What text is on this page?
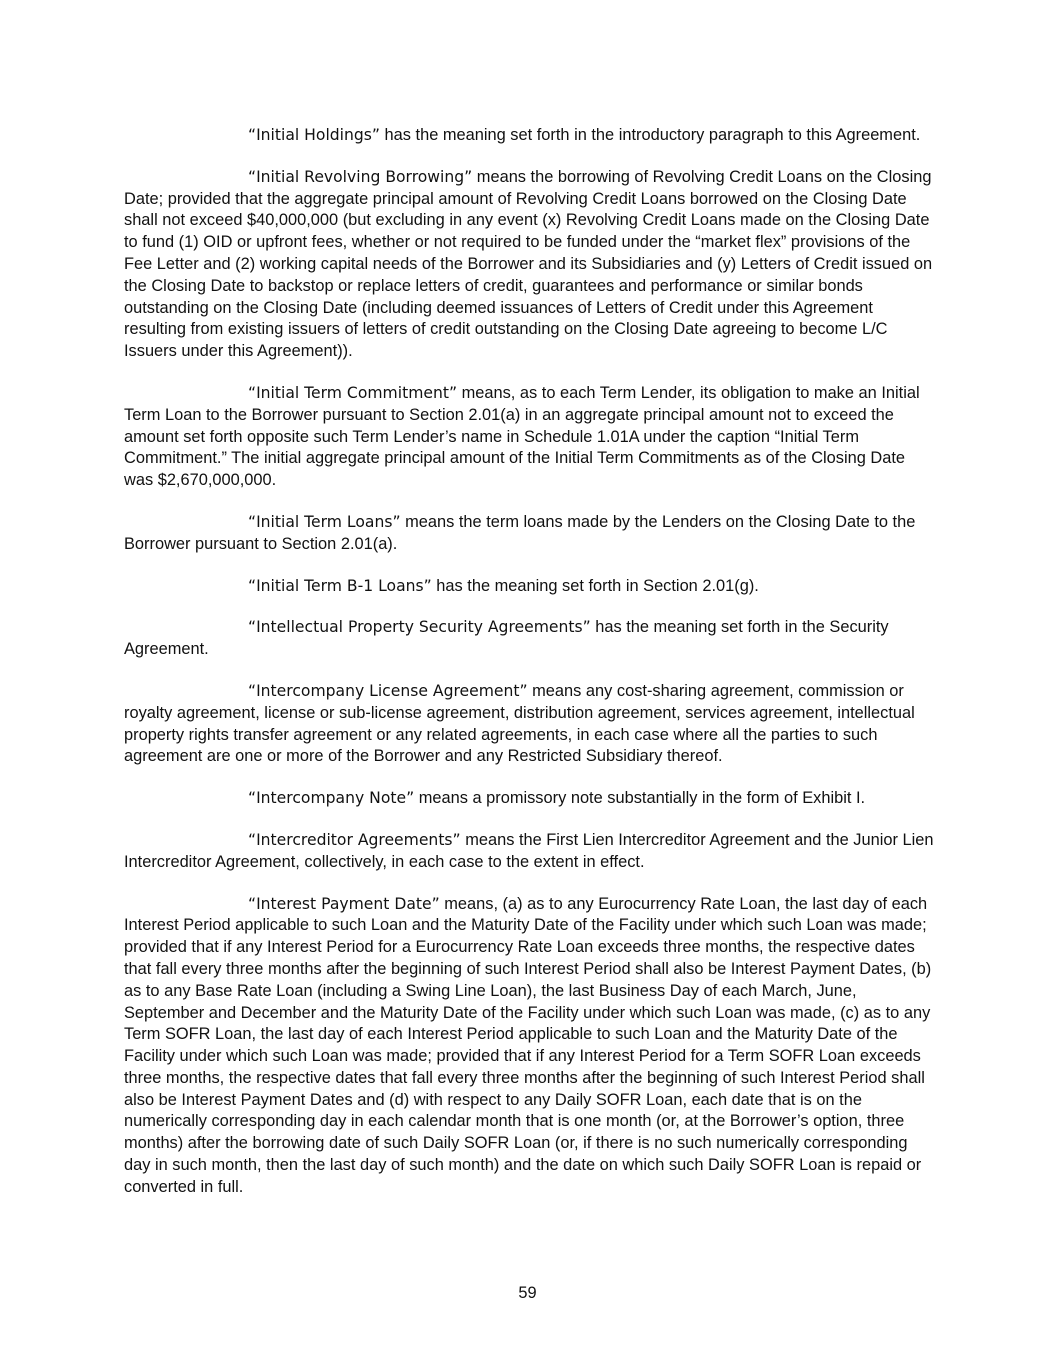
“Initial Holdings” has the meaning set forth in the introductory paragraph to this Agreement.

“Initial Revolving Borrowing” means the borrowing of Revolving Credit Loans on the Closing Date; provided that the aggregate principal amount of Revolving Credit Loans borrowed on the Closing Date shall not exceed $40,000,000 (but excluding in any event (x) Revolving Credit Loans made on the Closing Date to fund (1) OID or upfront fees, whether or not required to be funded under the “market flex” provisions of the Fee Letter and (2) working capital needs of the Borrower and its Subsidiaries and (y) Letters of Credit issued on the Closing Date to backstop or replace letters of credit, guarantees and performance or similar bonds outstanding on the Closing Date (including deemed issuances of Letters of Credit under this Agreement resulting from existing issuers of letters of credit outstanding on the Closing Date agreeing to become L/C Issuers under this Agreement)).

“Initial Term Commitment” means, as to each Term Lender, its obligation to make an Initial Term Loan to the Borrower pursuant to Section 2.01(a) in an aggregate principal amount not to exceed the amount set forth opposite such Term Lender’s name in Schedule 1.01A under the caption “Initial Term Commitment.” The initial aggregate principal amount of the Initial Term Commitments as of the Closing Date was $2,670,000,000.

“Initial Term Loans” means the term loans made by the Lenders on the Closing Date to the Borrower pursuant to Section 2.01(a).

“Initial Term B-1 Loans” has the meaning set forth in Section 2.01(g).

“Intellectual Property Security Agreements” has the meaning set forth in the Security Agreement.

“Intercompany License Agreement” means any cost-sharing agreement, commission or royalty agreement, license or sub-license agreement, distribution agreement, services agreement, intellectual property rights transfer agreement or any related agreements, in each case where all the parties to such agreement are one or more of the Borrower and any Restricted Subsidiary thereof.

“Intercompany Note” means a promissory note substantially in the form of Exhibit I.

“Intercreditor Agreements” means the First Lien Intercreditor Agreement and the Junior Lien Intercreditor Agreement, collectively, in each case to the extent in effect.

“Interest Payment Date” means, (a) as to any Eurocurrency Rate Loan, the last day of each Interest Period applicable to such Loan and the Maturity Date of the Facility under which such Loan was made; provided that if any Interest Period for a Eurocurrency Rate Loan exceeds three months, the respective dates that fall every three months after the beginning of such Interest Period shall also be Interest Payment Dates, (b) as to any Base Rate Loan (including a Swing Line Loan), the last Business Day of each March, June, September and December and the Maturity Date of the Facility under which such Loan was made, (c) as to any Term SOFR Loan, the last day of each Interest Period applicable to such Loan and the Maturity Date of the Facility under which such Loan was made; provided that if any Interest Period for a Term SOFR Loan exceeds three months, the respective dates that fall every three months after the beginning of such Interest Period shall also be Interest Payment Dates and (d) with respect to any Daily SOFR Loan, each date that is on the numerically corresponding day in each calendar month that is one month (or, at the Borrower’s option, three months) after the borrowing date of such Daily SOFR Loan (or, if there is no such numerically corresponding day in such month, then the last day of such month) and the date on which such Daily SOFR Loan is repaid or converted in full.

59
